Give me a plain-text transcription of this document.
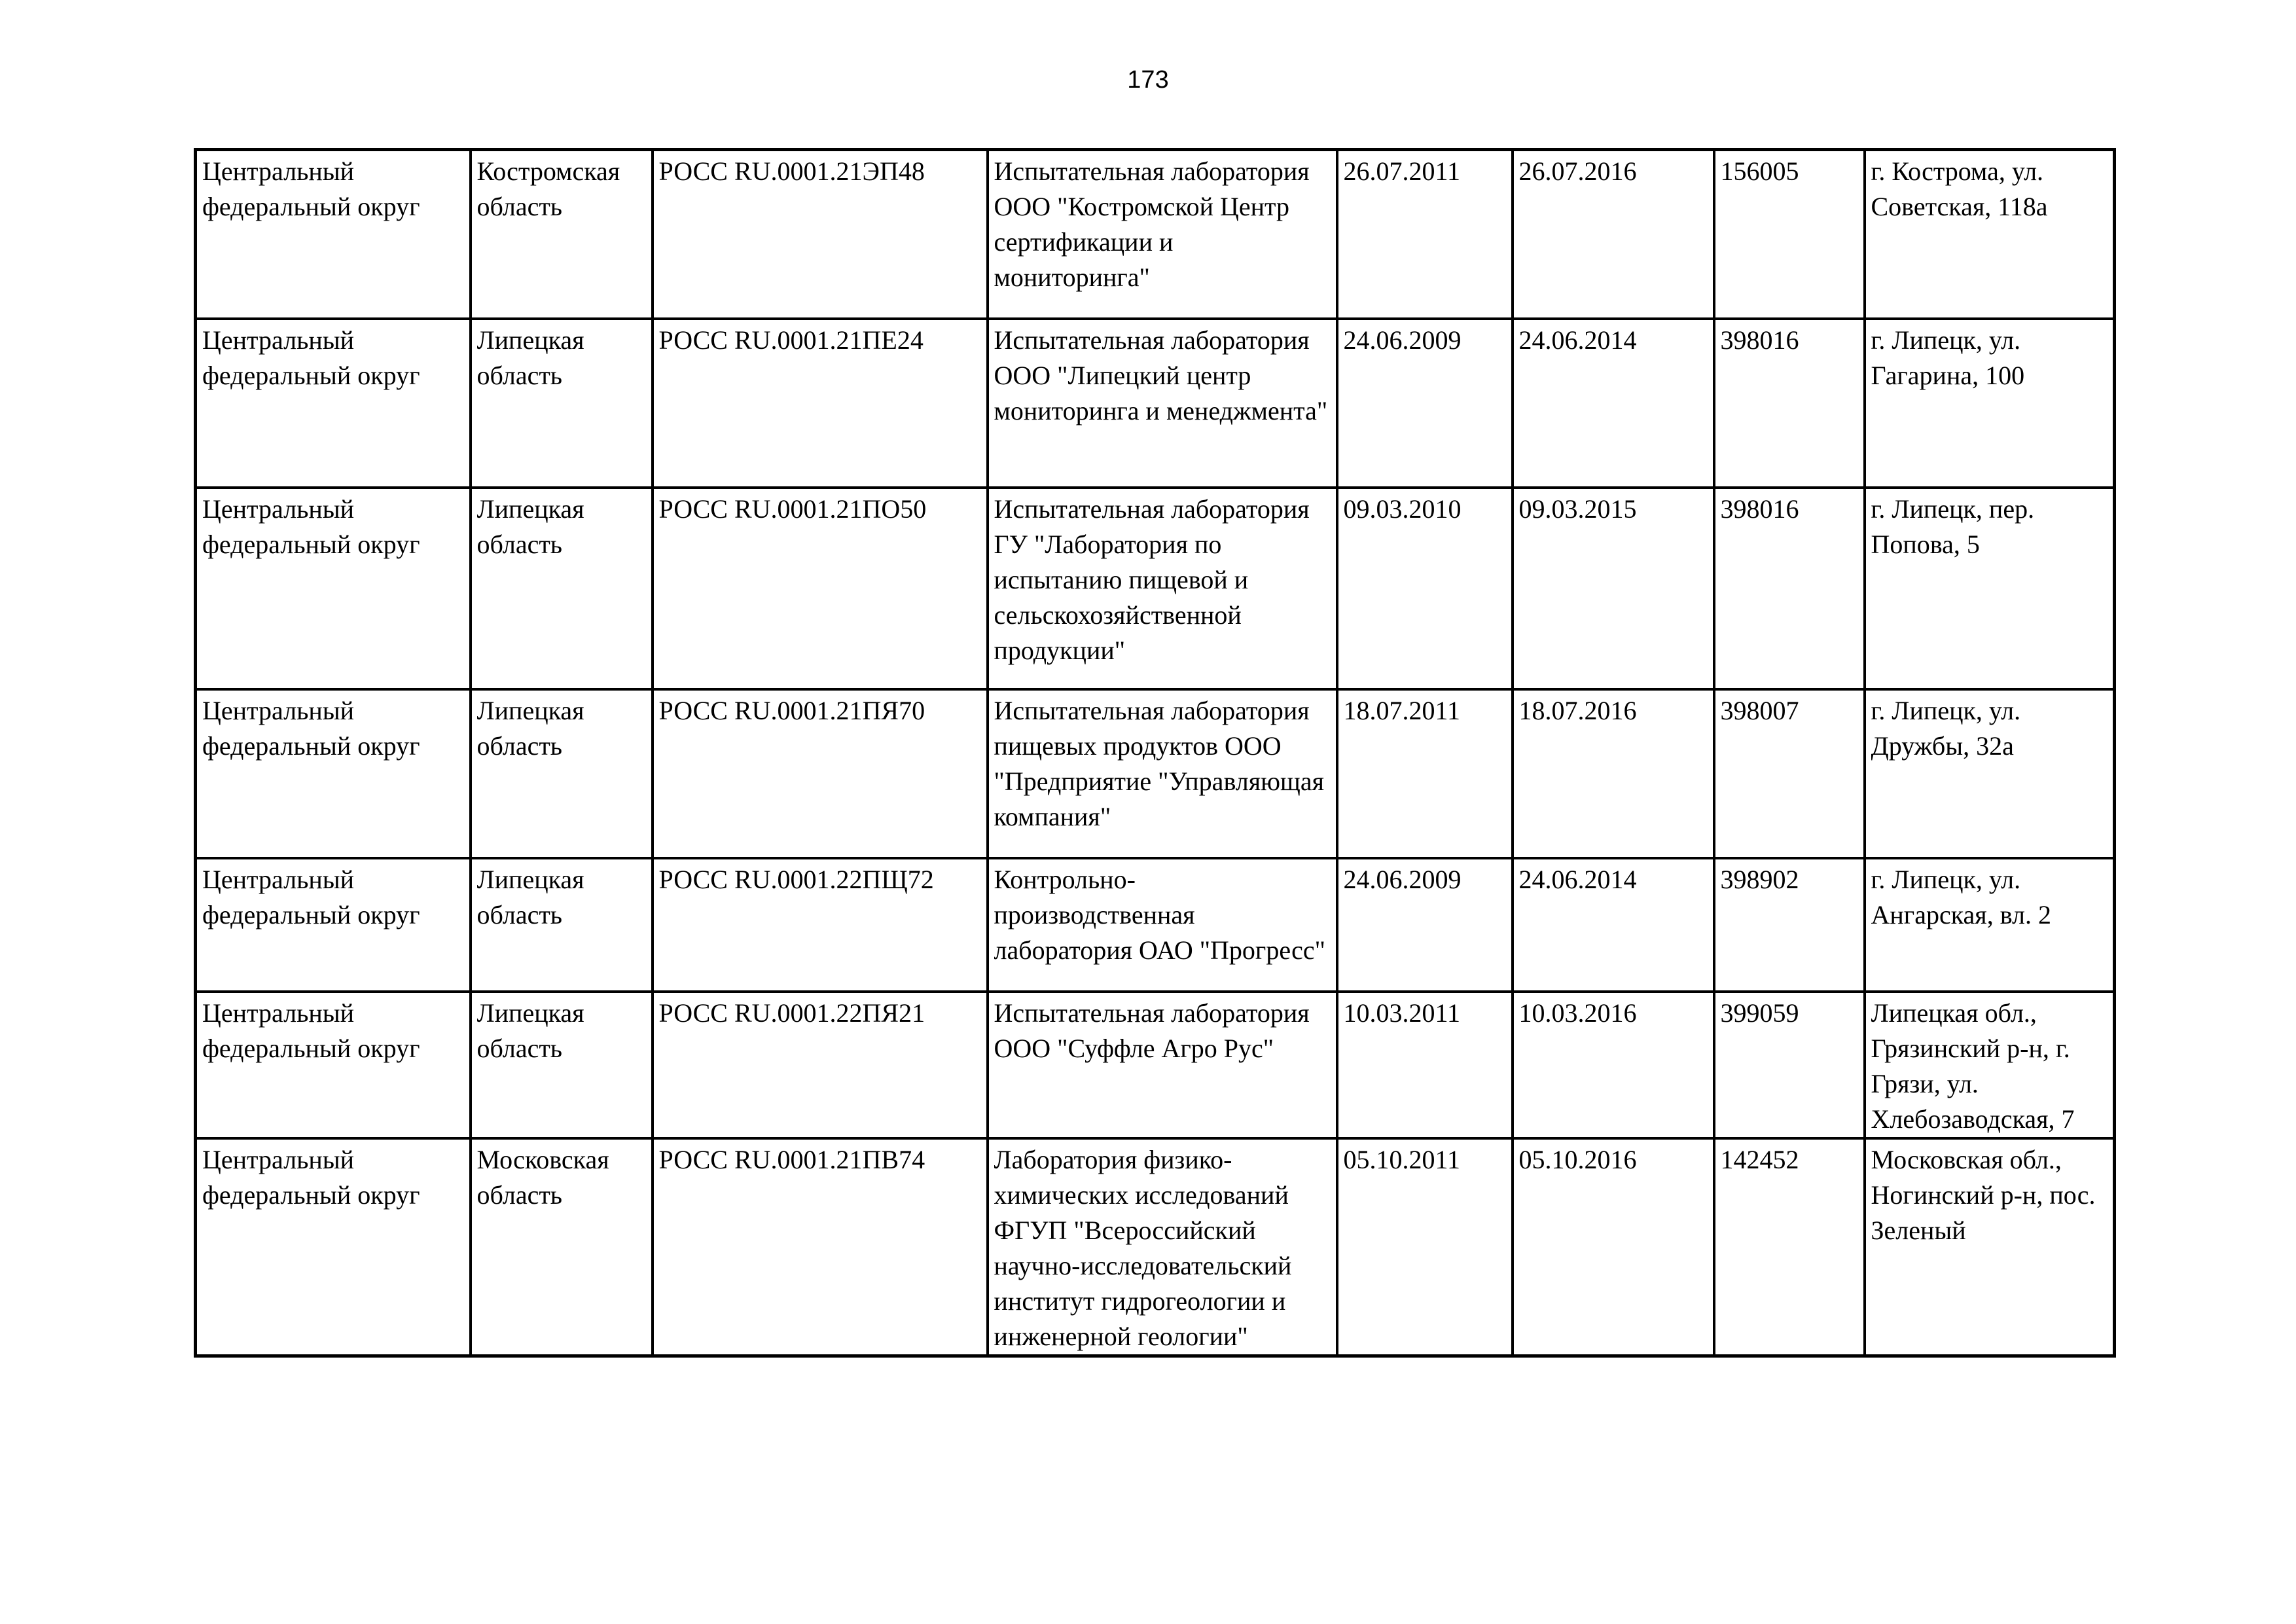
173
Центральный федеральный округ	Костромская область	РОСС RU.0001.21ЭП48	Испытательная лаборатория ООО "Костромской Центр сертификации и мониторинга"	26.07.2011	26.07.2016	156005	г. Кострома, ул. Советская, 118а

Центральный федеральный округ	Липецкая область	РОСС RU.0001.21ПЕ24	Испытательная лаборатория ООО "Липецкий центр мониторинга и менеджмента"	24.06.2009	24.06.2014	398016	г. Липецк, ул. Гагарина, 100

Центральный федеральный округ	Липецкая область	РОСС RU.0001.21ПО50	Испытательная лаборатория ГУ "Лаборатория по испытанию пищевой и сельскохозяйственной продукции"	09.03.2010	09.03.2015	398016	г. Липецк, пер. Попова, 5

Центральный федеральный округ	Липецкая область	РОСС RU.0001.21ПЯ70	Испытательная лаборатория пищевых продуктов ООО "Предприятие "Управляющая компания"	18.07.2011	18.07.2016	398007	г. Липецк, ул. Дружбы, 32а

Центральный федеральный округ	Липецкая область	РОСС RU.0001.22ПЩ72	Контрольно-производственная лаборатория ОАО "Прогресс"	24.06.2009	24.06.2014	398902	г. Липецк, ул. Ангарская, вл. 2

Центральный федеральный округ	Липецкая область	РОСС RU.0001.22ПЯ21	Испытательная лаборатория ООО "Суффле Агро Рус"	10.03.2011	10.03.2016	399059	Липецкая обл., Грязинский р-н, г. Грязи, ул. Хлебозаводская, 7

Центральный федеральный округ	Московская область	РОСС RU.0001.21ПВ74	Лаборатория физико-химических исследований ФГУП "Всероссийский научно-исследовательский институт гидрогеологии и инженерной геологии"	05.10.2011	05.10.2016	142452	Московская обл., Ногинский р-н, пос. Зеленый
